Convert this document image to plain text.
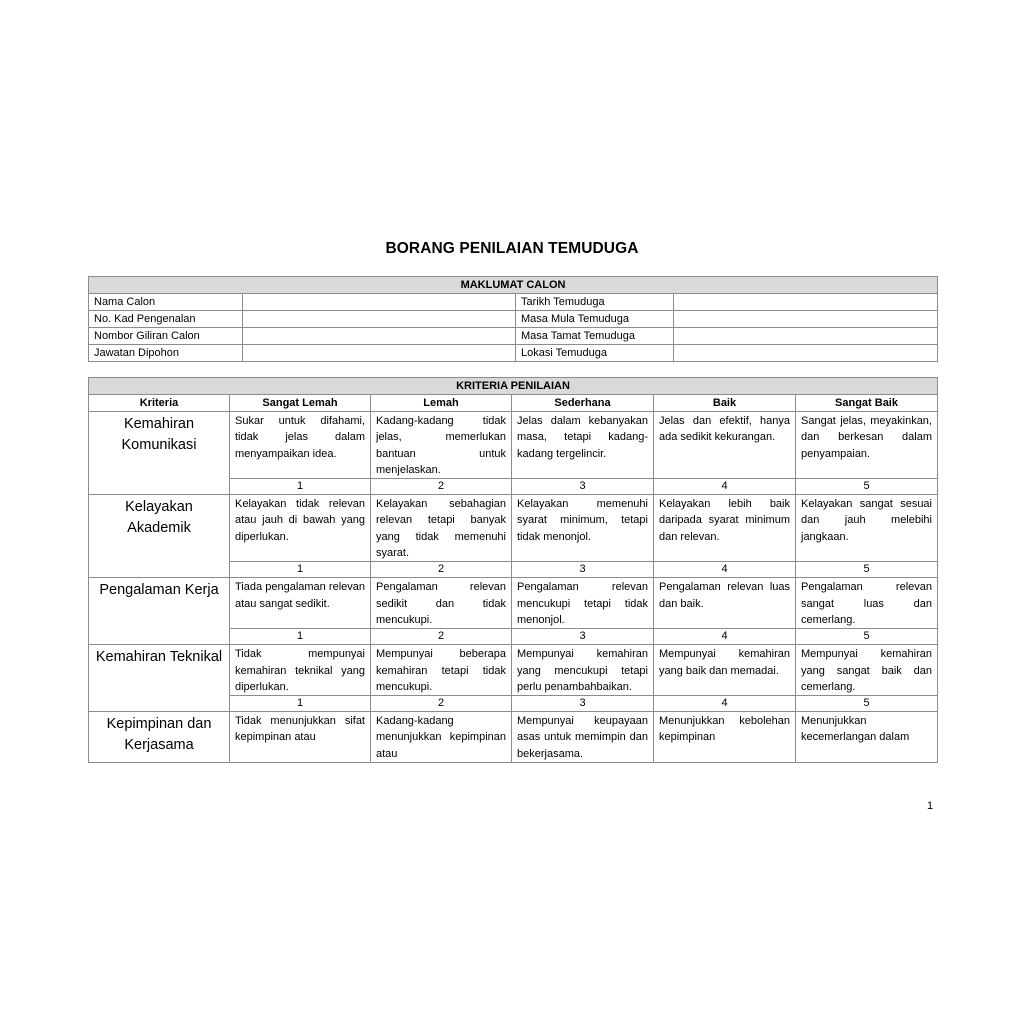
BORANG PENILAIAN TEMUDUGA
MAKLUMAT CALON			
Nama Calon		Tarikh Temuduga	
No. Kad Pengenalan		Masa Mula Temuduga	
Nombor Giliran Calon		Masa Tamat Temuduga	
Jawatan Dipohon		Lokasi Temuduga	
KRITERIA PENILAIAN					
Kriteria	Sangat Lemah	Lemah	Sederhana	Baik	Sangat Baik
Kemahiran Komunikasi	Sukar untuk difahami, tidak jelas dalam menyampaikan idea.	Kadang-kadang tidak jelas, memerlukan bantuan untuk menjelaskan.	Jelas dalam kebanyakan masa, tetapi kadang-kadang tergelincir.	Jelas dan efektif, hanya ada sedikit kekurangan.	Sangat jelas, meyakinkan, dan berkesan dalam penyampaian.
	1	2	3	4	5
Kelayakan Akademik	Kelayakan tidak relevan atau jauh di bawah yang diperlukan.	Kelayakan sebahagian relevan tetapi banyak yang tidak memenuhi syarat.	Kelayakan memenuhi syarat minimum, tetapi tidak menonjol.	Kelayakan lebih baik daripada syarat minimum dan relevan.	Kelayakan sangat sesuai dan jauh melebihi jangkaan.
	1	2	3	4	5
Pengalaman Kerja	Tiada pengalaman relevan atau sangat sedikit.	Pengalaman relevan sedikit dan tidak mencukupi.	Pengalaman relevan mencukupi tetapi tidak menonjol.	Pengalaman relevan luas dan baik.	Pengalaman relevan sangat luas dan cemerlang.
	1	2	3	4	5
Kemahiran Teknikal	Tidak mempunyai kemahiran teknikal yang diperlukan.	Mempunyai beberapa kemahiran tetapi tidak mencukupi.	Mempunyai kemahiran yang mencukupi tetapi perlu penambahbaikan.	Mempunyai kemahiran yang baik dan memadai.	Mempunyai kemahiran yang sangat baik dan cemerlang.
	1	2	3	4	5
Kepimpinan dan Kerjasama	Tidak menunjukkan sifat kepimpinan atau	Kadang-kadang menunjukkan kepimpinan atau	Mempunyai keupayaan asas untuk memimpin dan bekerjasama.	Menunjukkan kebolehan kepimpinan	Menunjukkan kecemerlangan dalam
1
